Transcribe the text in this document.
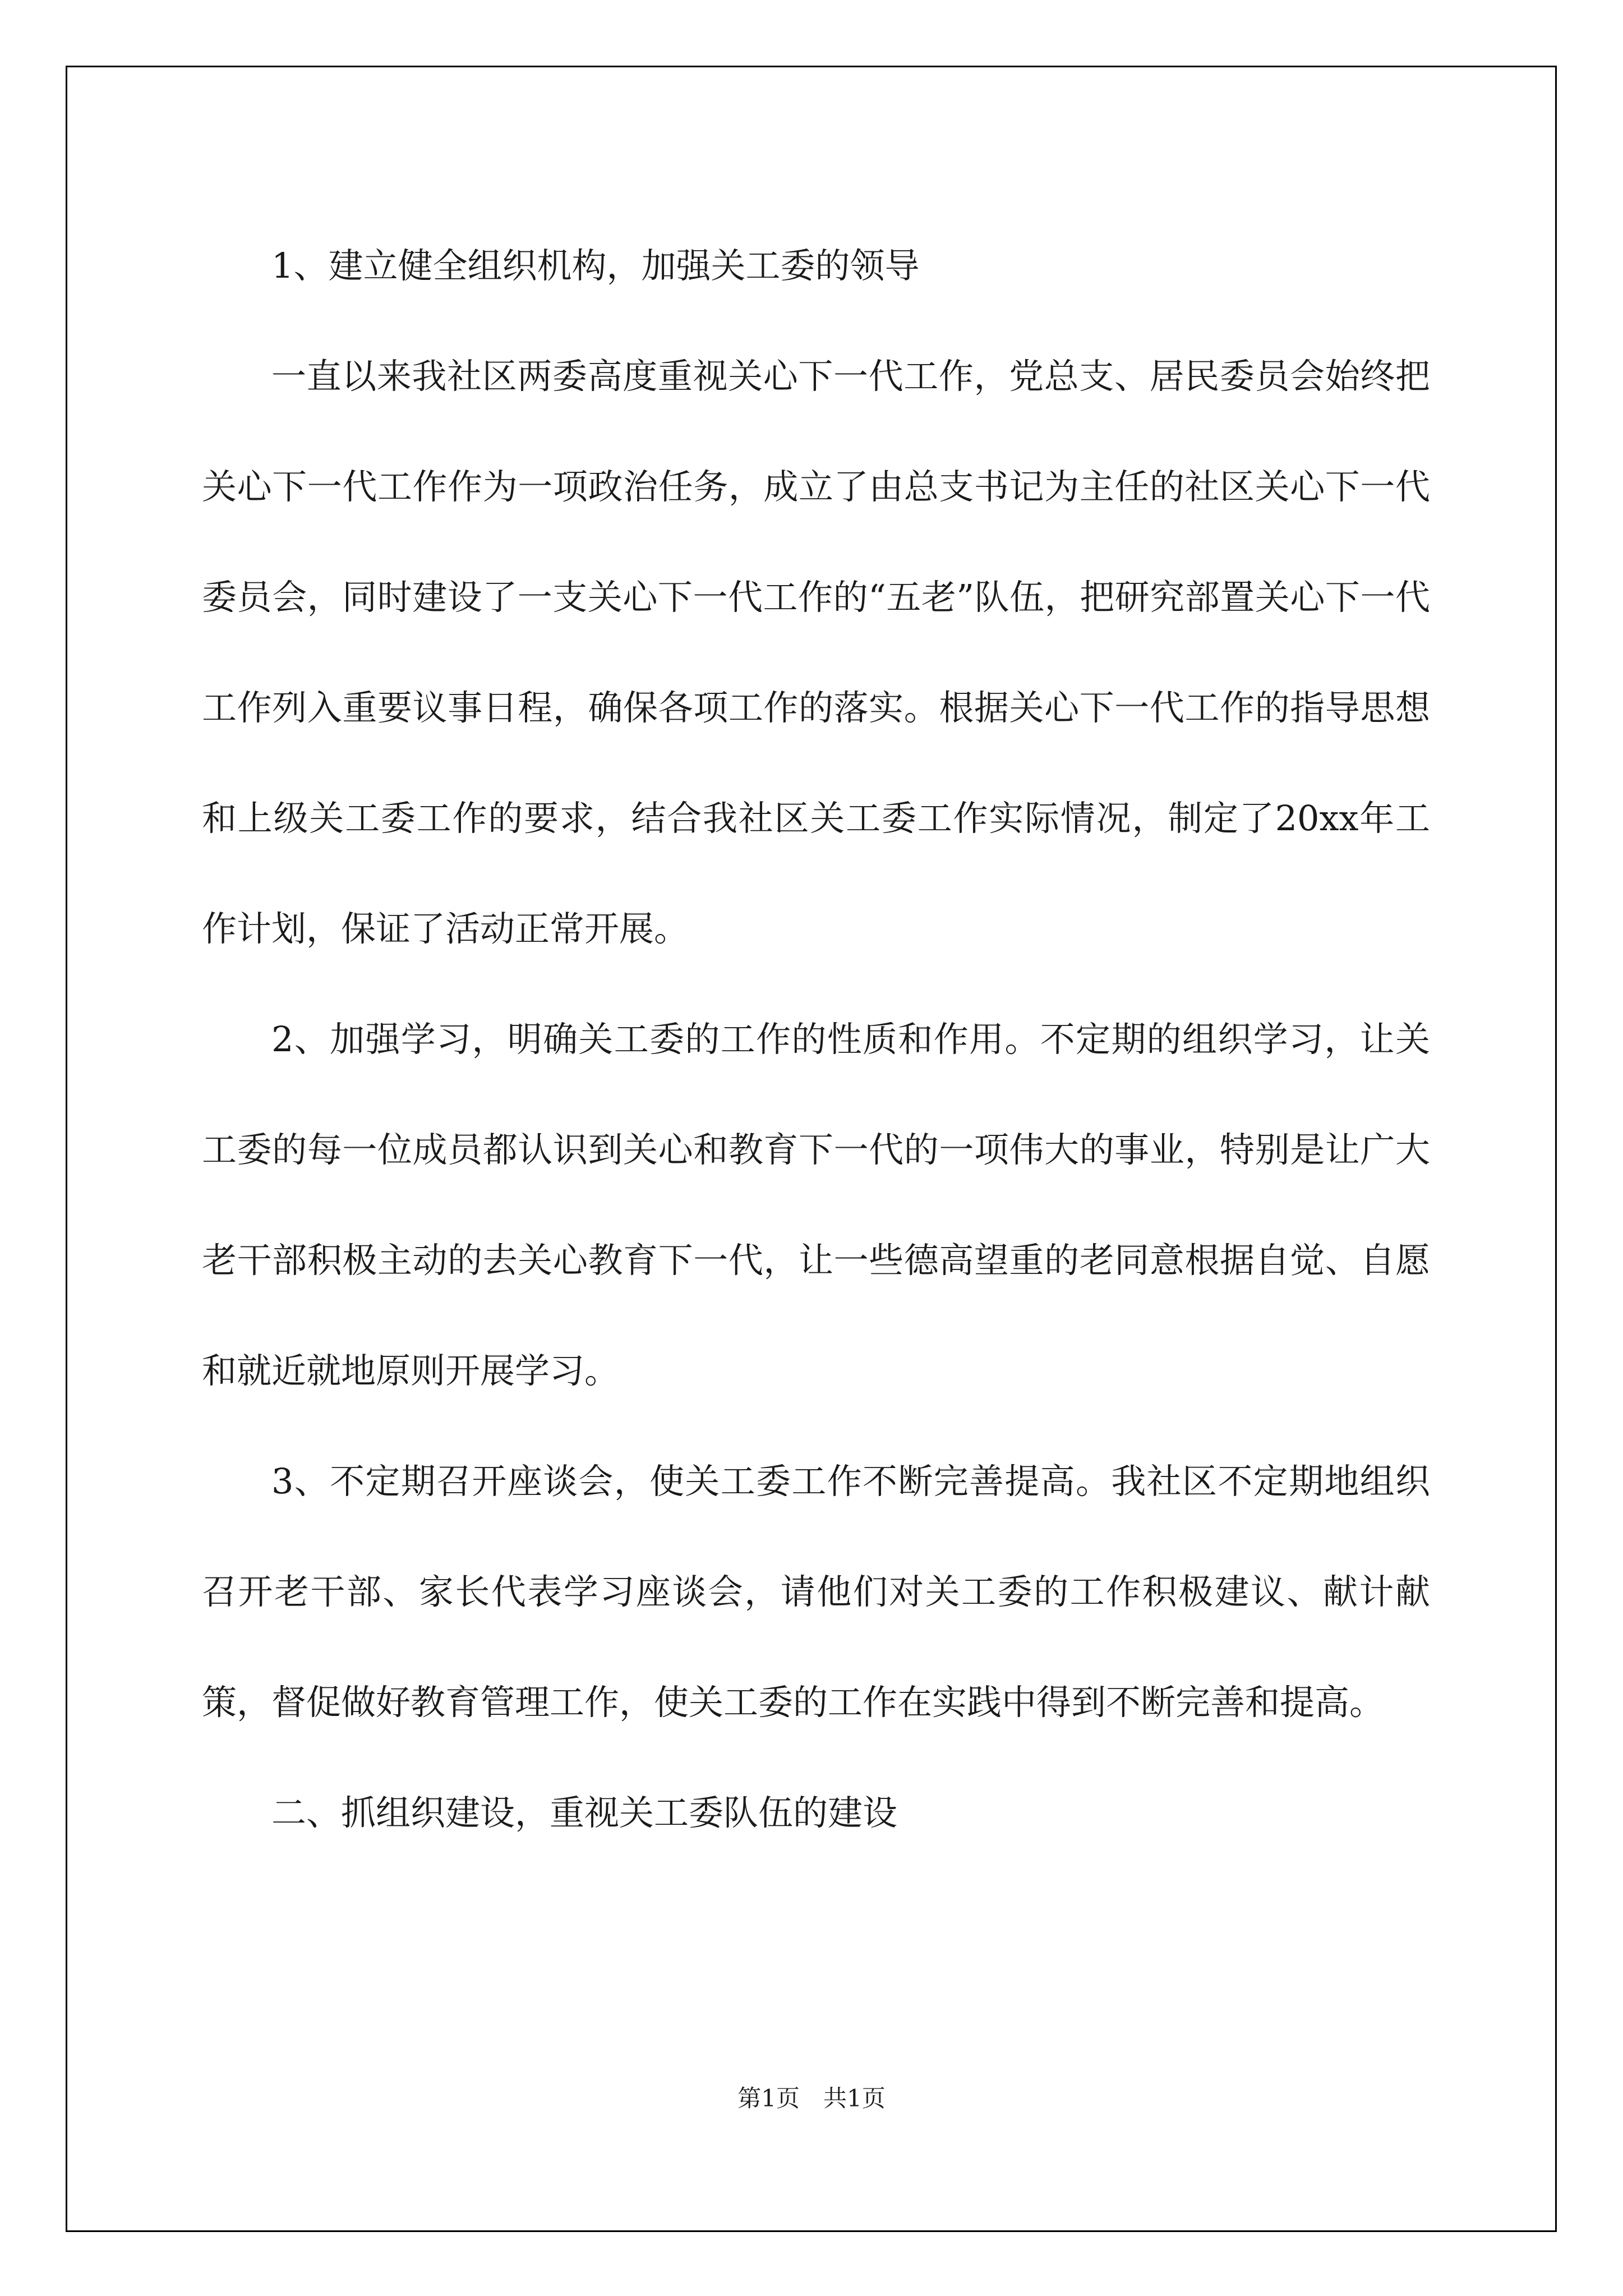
1、建立健全组织机构，加强关工委的领导

一直以来我社区两委高度重视关心下一代工作，党总支、居民委员会始终把关心下一代工作作为一项政治任务，成立了由总支书记为主任的社区关心下一代委员会，同时建设了一支关心下一代工作的“五老”队伍，把研究部置关心下一代工作列入重要议事日程，确保各项工作的落实。根据关心下一代工作的指导思想和上级关工委工作的要求，结合我社区关工委工作实际情况，制定了20xx年工作计划，保证了活动正常开展。

2、加强学习，明确关工委的工作的性质和作用。不定期的组织学习，让关工委的每一位成员都认识到关心和教育下一代的一项伟大的事业，特别是让广大老干部积极主动的去关心教育下一代，让一些德高望重的老同意根据自觉、自愿和就近就地原则开展学习。

3、不定期召开座谈会，使关工委工作不断完善提高。我社区不定期地组织召开老干部、家长代表学习座谈会，请他们对关工委的工作积极建议、献计献策，督促做好教育管理工作，使关工委的工作在实践中得到不断完善和提高。

二、抓组织建设，重视关工委队伍的建设

第1页　共1页
